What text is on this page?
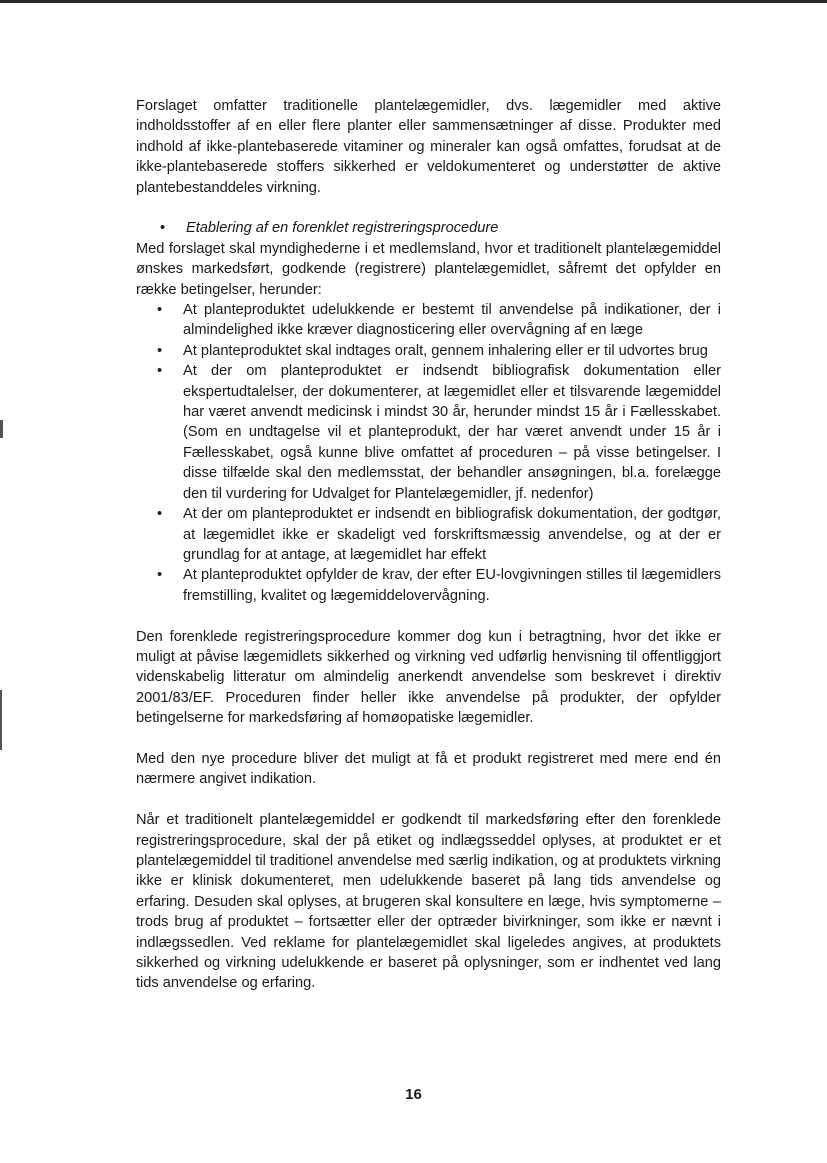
Forslaget omfatter traditionelle plantelægemidler, dvs. lægemidler med aktive indholdsstoffer af en eller flere planter eller sammensætninger af disse. Produkter med indhold af ikke-plantebaserede vitaminer og mineraler kan også omfattes, forudsat at de ikke-plantebaserede stoffers sikkerhed er veldokumenteret og understøtter de aktive plantebestanddeles virkning.

• Etablering af en forenklet registreringsprocedure

Med forslaget skal myndighederne i et medlemsland, hvor et traditionelt plantelægemiddel ønskes markedsført, godkende (registrere) plantelægemidlet, såfremt det opfylder en række betingelser, herunder:

• At planteproduktet udelukkende er bestemt til anvendelse på indikationer, der i almindelighed ikke kræver diagnosticering eller overvågning af en læge
• At planteproduktet skal indtages oralt, gennem inhalering eller er til udvortes brug
• At der om planteproduktet er indsendt bibliografisk dokumentation eller ekspertudtalelser, der dokumenterer, at lægemidlet eller et tilsvarende lægemiddel har været anvendt medicinsk i mindst 30 år, herunder mindst 15 år i Fællesskabet. (Som en undtagelse vil et planteprodukt, der har været anvendt under 15 år i Fællesskabet, også kunne blive omfattet af proceduren – på visse betingelser. I disse tilfælde skal den medlemsstat, der behandler ansøgningen, bl.a. forelægge den til vurdering for Udvalget for Plantelægemidler, jf. nedenfor)
• At der om planteproduktet er indsendt en bibliografisk dokumentation, der godtgør, at lægemidlet ikke er skadeligt ved forskriftsmæssig anvendelse, og at der er grundlag for at antage, at lægemidlet har effekt
• At planteproduktet opfylder de krav, der efter EU-lovgivningen stilles til lægemidlers fremstilling, kvalitet og lægemiddelovervågning.

Den forenklede registreringsprocedure kommer dog kun i betragtning, hvor det ikke er muligt at påvise lægemidlets sikkerhed og virkning ved udførlig henvisning til offentliggjort videnskabelig litteratur om almindelig anerkendt anvendelse som beskrevet i direktiv 2001/83/EF. Proceduren finder heller ikke anvendelse på produkter, der opfylder betingelserne for markedsføring af homøopatiske lægemidler.

Med den nye procedure bliver det muligt at få et produkt registreret med mere end én nærmere angivet indikation.

Når et traditionelt plantelægemiddel er godkendt til markedsføring efter den forenklede registreringsprocedure, skal der på etiket og indlægsseddel oplyses, at produktet er et plantelægemiddel til traditionel anvendelse med særlig indikation, og at produktets virkning ikke er klinisk dokumenteret, men udelukkende baseret på lang tids anvendelse og erfaring. Desuden skal oplyses, at brugeren skal konsultere en læge, hvis symptomerne – trods brug af produktet – fortsætter eller der optræder bivirkninger, som ikke er nævnt i indlægssedlen. Ved reklame for plantelægemidlet skal ligeledes angives, at produktets sikkerhed og virkning udelukkende er baseret på oplysninger, som er indhentet ved lang tids anvendelse og erfaring.

16
